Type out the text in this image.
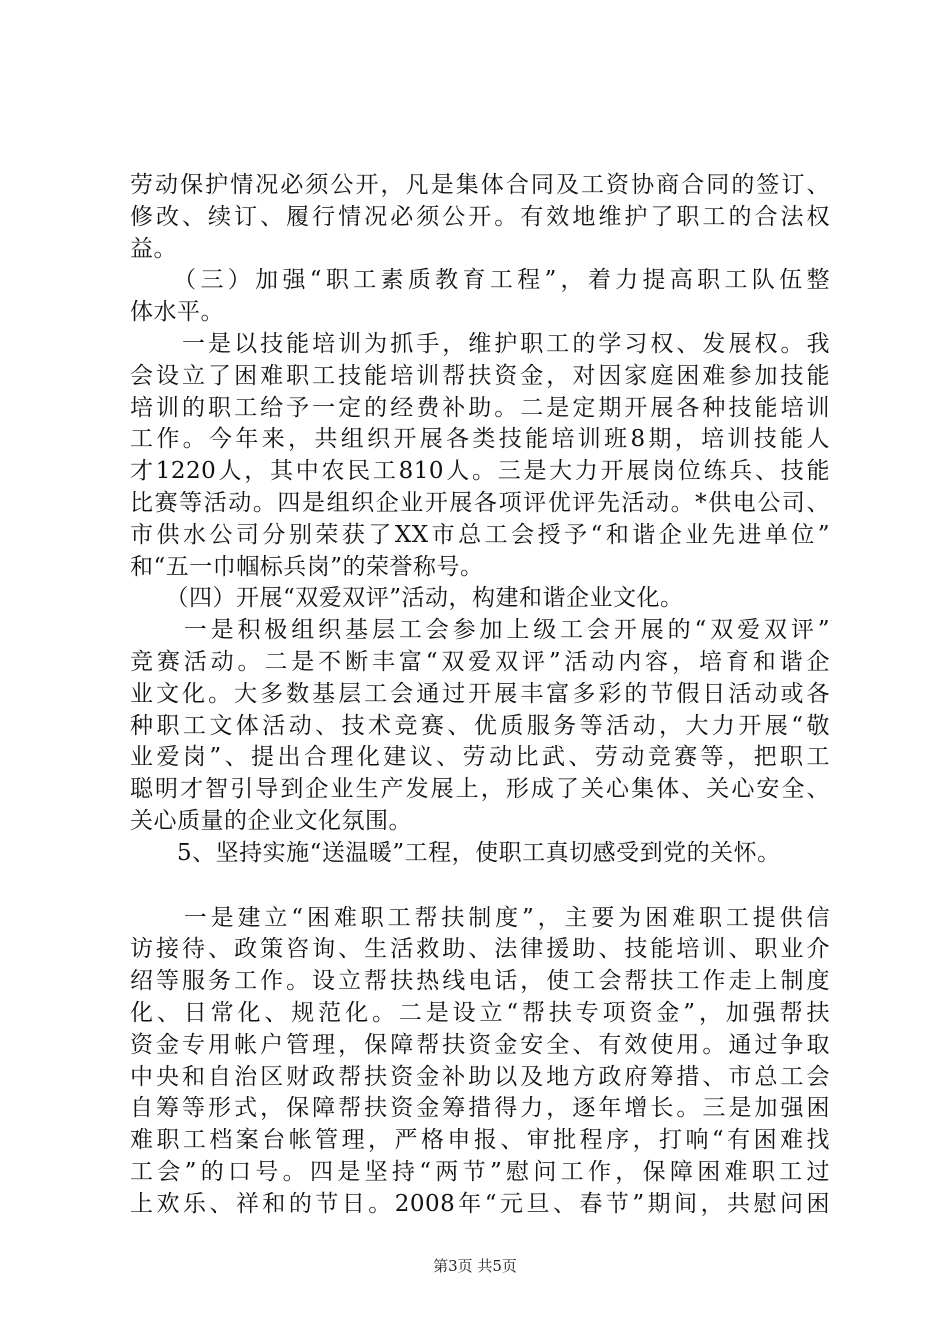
劳动保护情况必须公开，凡是集体合同及工资协商合同的签订、
修改、续订、履行情况必须公开。有效地维护了职工的合法权
益。
　　（三）加强“职工素质教育工程”，着力提高职工队伍整
体水平。
　　一是以技能培训为抓手，维护职工的学习权、发展权。我
会设立了困难职工技能培训帮扶资金，对因家庭困难参加技能
培训的职工给予一定的经费补助。二是定期开展各种技能培训
工作。今年来，共组织开展各类技能培训班8期，培训技能人
才1220人，其中农民工810人。三是大力开展岗位练兵、技能
比赛等活动。四是组织企业开展各项评优评先活动。*供电公司、
市供水公司分别荣获了XX市总工会授予“和谐企业先进单位”
和“五一巾帼标兵岗”的荣誉称号。
　　（四）开展“双爱双评”活动，构建和谐企业文化。
　　一是积极组织基层工会参加上级工会开展的“双爱双评”
竞赛活动。二是不断丰富“双爱双评”活动内容，培育和谐企
业文化。大多数基层工会通过开展丰富多彩的节假日活动或各
种职工文体活动、技术竞赛、优质服务等活动，大力开展“敬
业爱岗”、提出合理化建议、劳动比武、劳动竞赛等，把职工
聪明才智引导到企业生产发展上，形成了关心集体、关心安全、
关心质量的企业文化氛围。
　　5、坚持实施“送温暖”工程，使职工真切感受到党的关怀。
　　一是建立“困难职工帮扶制度”，主要为困难职工提供信
访接待、政策咨询、生活救助、法律援助、技能培训、职业介
绍等服务工作。设立帮扶热线电话，使工会帮扶工作走上制度
化、日常化、规范化。二是设立“帮扶专项资金”，加强帮扶
资金专用帐户管理，保障帮扶资金安全、有效使用。通过争取
中央和自治区财政帮扶资金补助以及地方政府筹措、市总工会
自筹等形式，保障帮扶资金筹措得力，逐年增长。三是加强困
难职工档案台帐管理，严格申报、审批程序，打响“有困难找
工会”的口号。四是坚持“两节”慰问工作，保障困难职工过
上欢乐、祥和的节日。2008年“元旦、春节”期间，共慰问困
第3页 共5页
